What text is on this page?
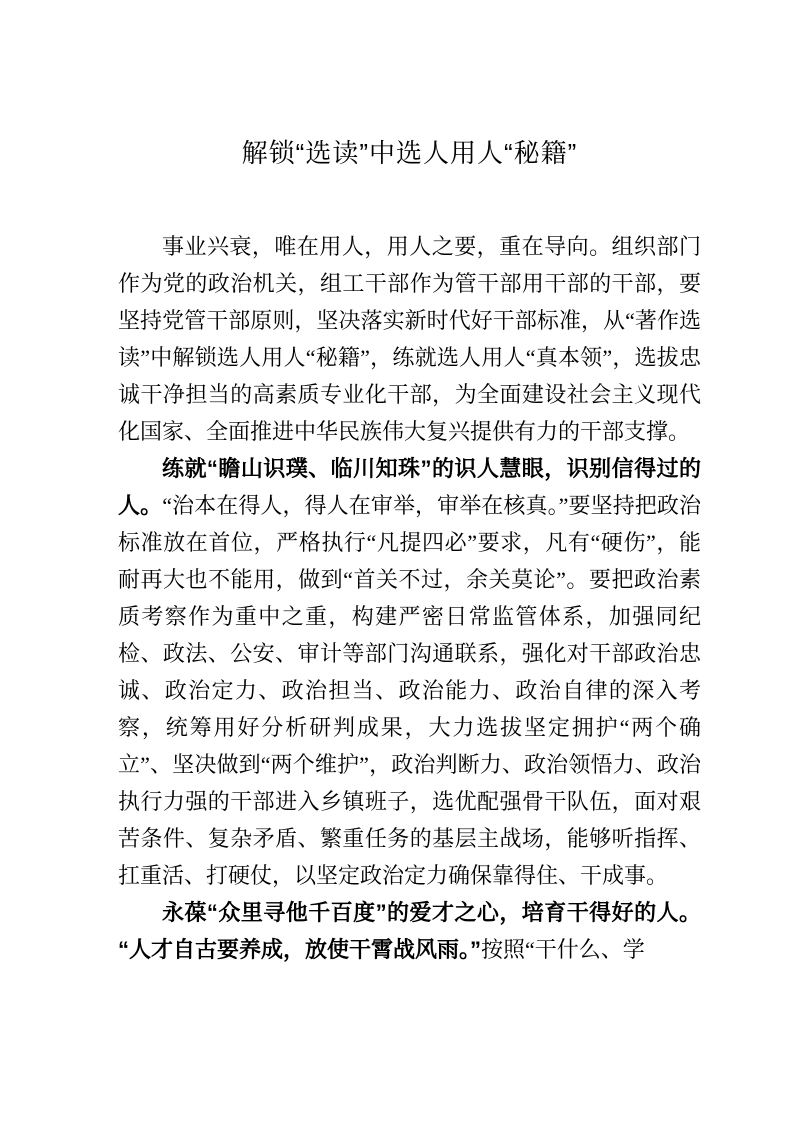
解锁“选读”中选人用人“秘籍”

事业兴衰，唯在用人，用人之要，重在导向。组织部门作为党的政治机关，组工干部作为管干部用干部的干部，要坚持党管干部原则，坚决落实新时代好干部标准，从“著作选读”中解锁选人用人“秘籍”，练就选人用人“真本领”，选拔忠诚干净担当的高素质专业化干部，为全面建设社会主义现代化国家、全面推进中华民族伟大复兴提供有力的干部支撑。

练就“瞻山识璞、临川知珠”的识人慧眼，识别信得过的人。“治本在得人，得人在审举，审举在核真。”要坚持把政治标准放在首位，严格执行“凡提四必”要求，凡有“硬伤”，能耐再大也不能用，做到“首关不过，余关莫论”。要把政治素质考察作为重中之重，构建严密日常监管体系，加强同纪检、政法、公安、审计等部门沟通联系，强化对干部政治忠诚、政治定力、政治担当、政治能力、政治自律的深入考察，统筹用好分析研判成果，大力选拔坚定拥护“两个确立”、坚决做到“两个维护”，政治判断力、政治领悟力、政治执行力强的干部进入乡镇班子，选优配强骨干队伍，面对艰苦条件、复杂矛盾、繁重任务的基层主战场，能够听指挥、扛重活、打硬仗，以坚定政治定力确保靠得住、干成事。

永葆“众里寻他千百度”的爱才之心，培育干得好的人。“人才自古要养成，放使干霄战风雨。”按照“干什么、学
